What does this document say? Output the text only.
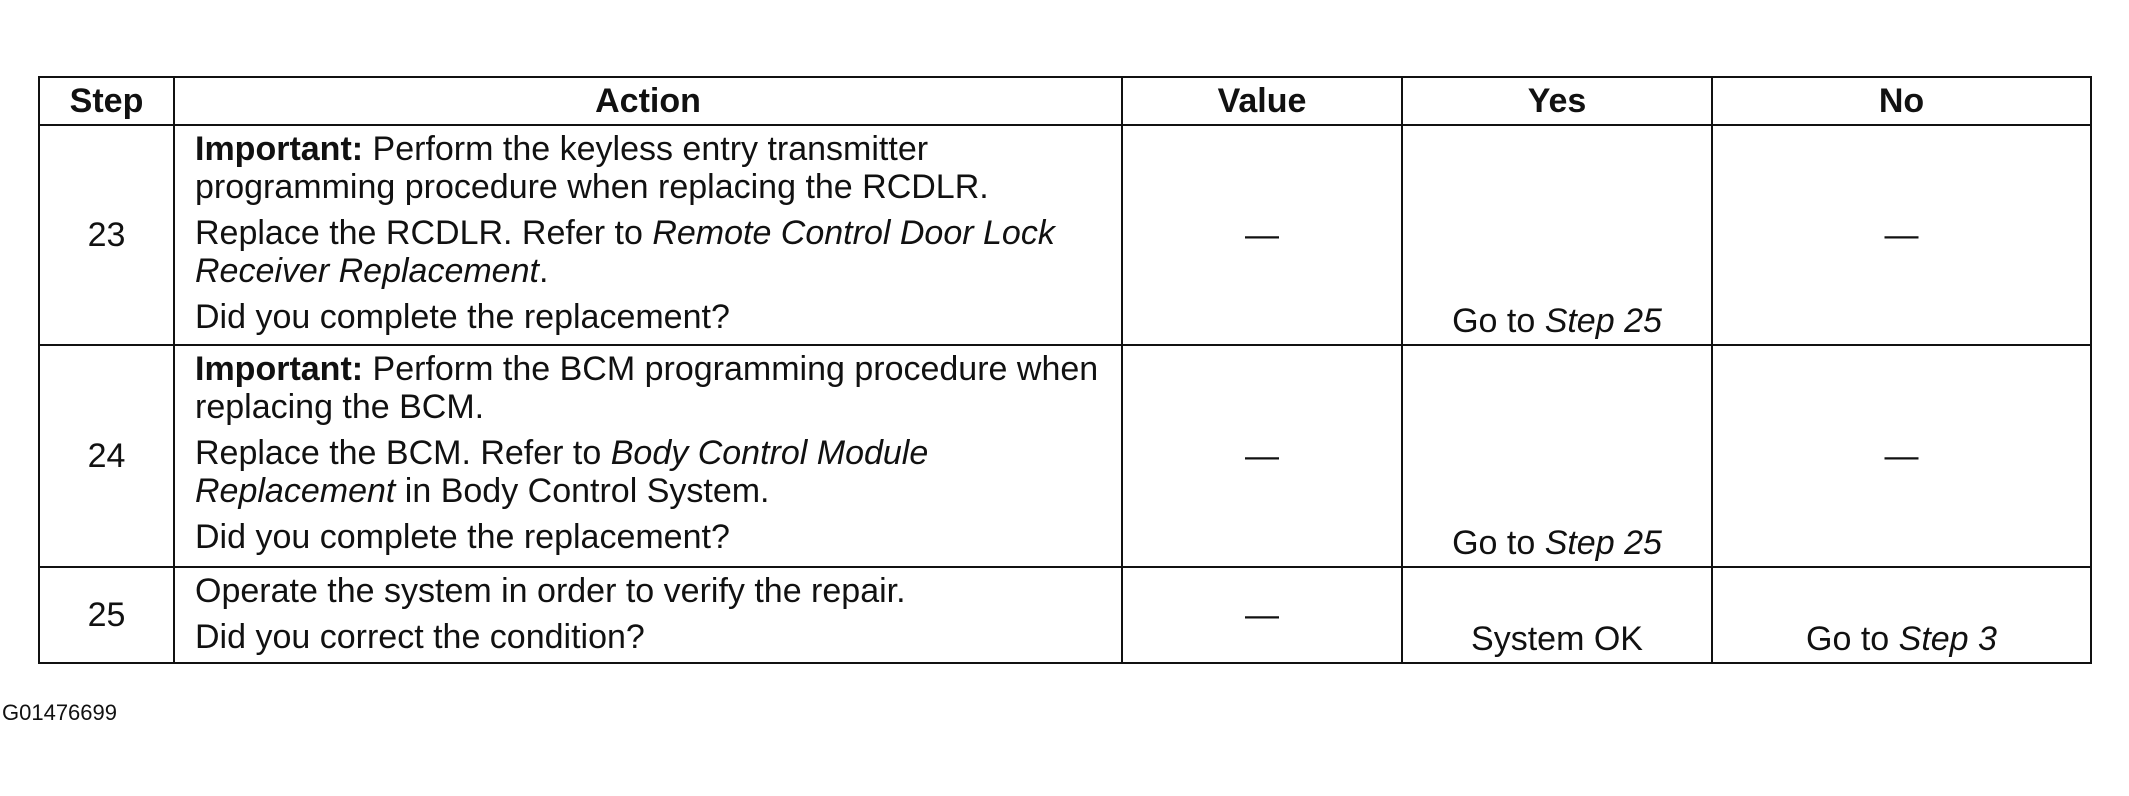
Step	Action	Value	Yes	No
23	Important: Perform the keyless entry transmitter programming procedure when replacing the RCDLR.
Replace the RCDLR. Refer to Remote Control Door Lock Receiver Replacement.
Did you complete the replacement?	—	Go to Step 25	—
24	Important: Perform the BCM programming procedure when replacing the BCM.
Replace the BCM. Refer to Body Control Module Replacement in Body Control System.
Did you complete the replacement?	—	Go to Step 25	—
25	Operate the system in order to verify the repair.
Did you correct the condition?	—	System OK	Go to Step 3
G01476699
